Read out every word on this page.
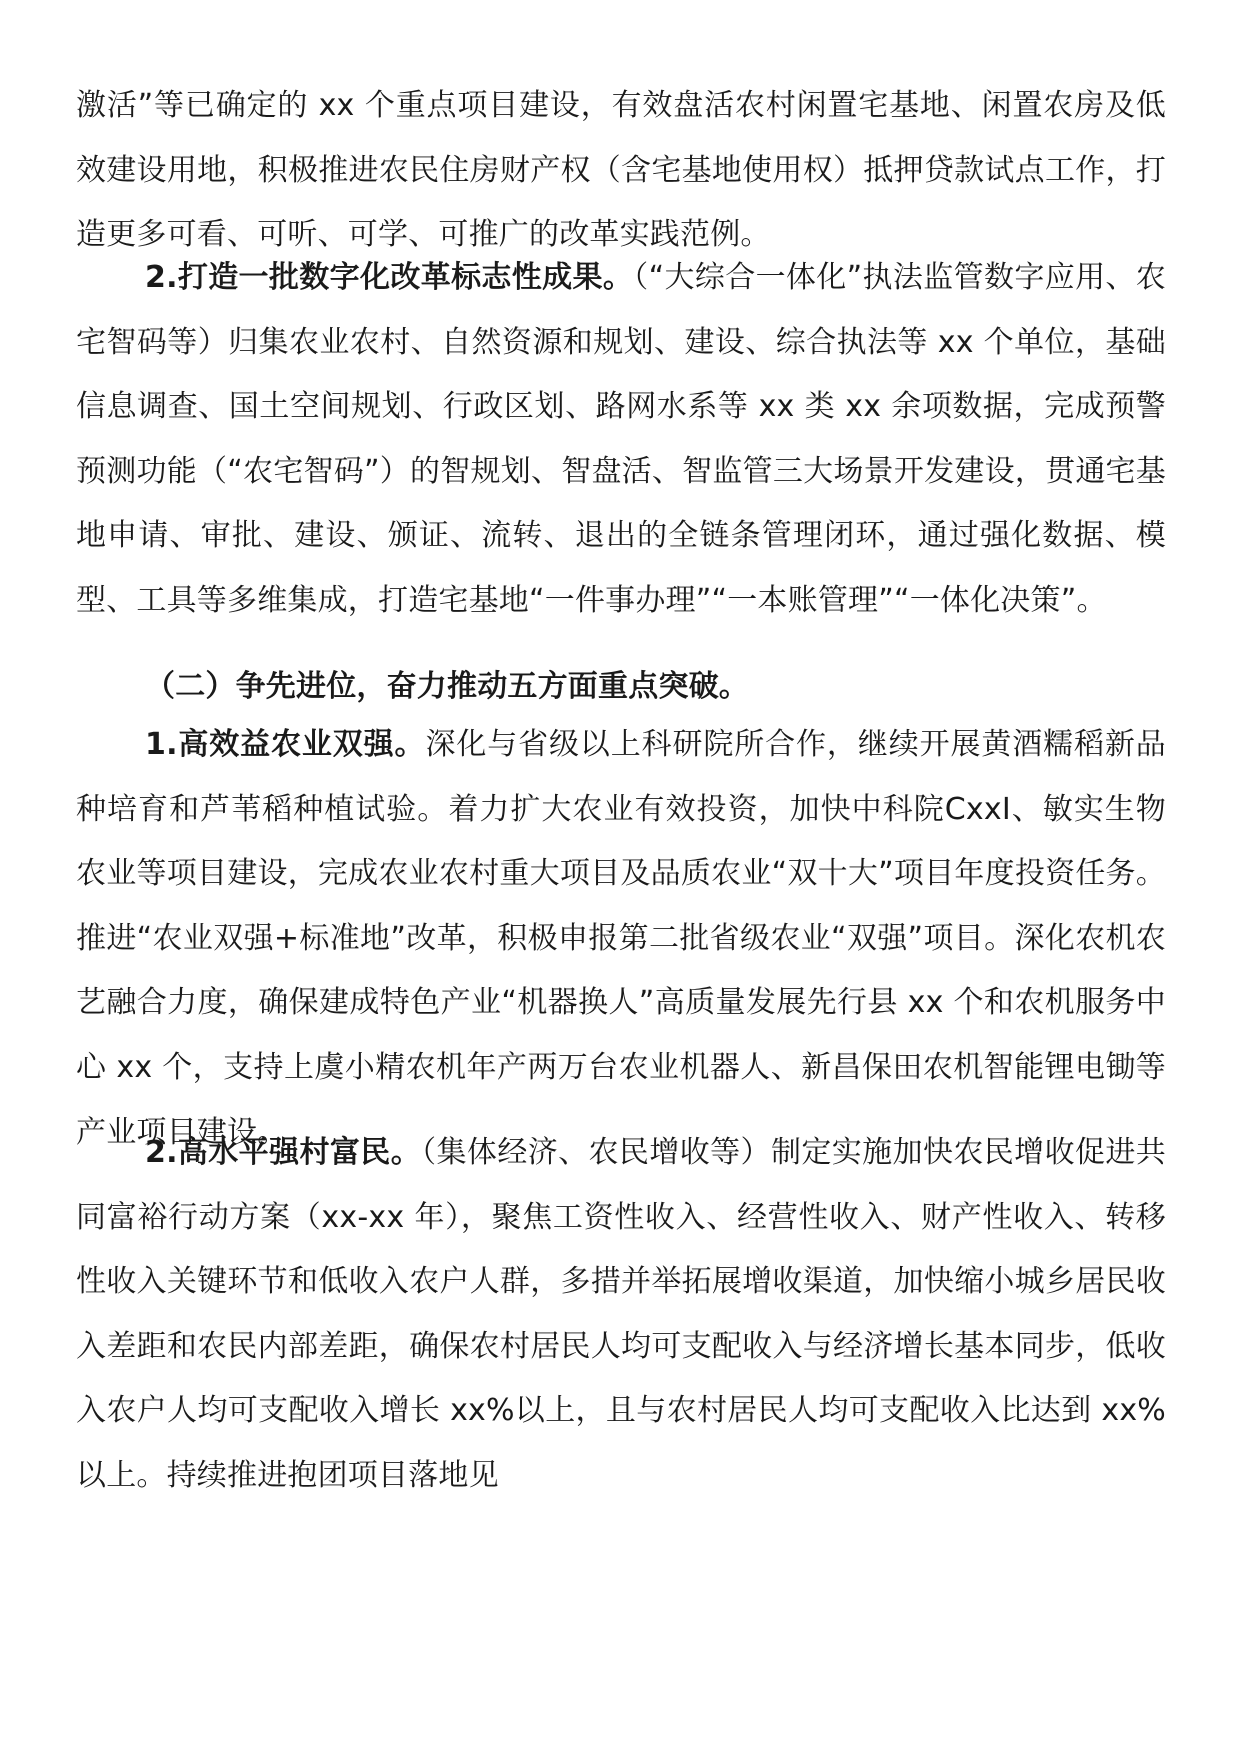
激活”等已确定的 xx 个重点项目建设，有效盘活农村闲置宅基地、闲置农房及低效建设用地，积极推进农民住房财产权（含宅基地使用权）抵押贷款试点工作，打造更多可看、可听、可学、可推广的改革实践范例。

2.打造一批数字化改革标志性成果。（“大综合一体化”执法监管数字应用、农宅智码等）归集农业农村、自然资源和规划、建设、综合执法等 xx 个单位，基础信息调查、国土空间规划、行政区划、路网水系等 xx 类 xx 余项数据，完成预警预测功能（“农宅智码”）的智规划、智盘活、智监管三大场景开发建设，贯通宅基地申请、审批、建设、颁证、流转、退出的全链条管理闭环，通过强化数据、模型、工具等多维集成，打造宅基地“一件事办理”“一本账管理”“一体化决策”。

（二）争先进位，奋力推动五方面重点突破。

1.高效益农业双强。深化与省级以上科研院所合作，继续开展黄酒糯稻新品种培育和芦苇稻种植试验。着力扩大农业有效投资，加快中科院CxxI、敏实生物农业等项目建设，完成农业农村重大项目及品质农业“双十大”项目年度投资任务。推进“农业双强+标准地”改革，积极申报第二批省级农业“双强”项目。深化农机农艺融合力度，确保建成特色产业“机器换人”高质量发展先行县 xx 个和农机服务中心 xx 个，支持上虞小精农机年产两万台农业机器人、新昌保田农机智能锂电锄等产业项目建设。

2.高水平强村富民。（集体经济、农民增收等）制定实施加快农民增收促进共同富裕行动方案（xx-xx 年），聚焦工资性收入、经营性收入、财产性收入、转移性收入关键环节和低收入农户人群，多措并举拓展增收渠道，加快缩小城乡居民收入差距和农民内部差距，确保农村居民人均可支配收入与经济增长基本同步，低收入农户人均可支配收入增长 xx%以上，且与农村居民人均可支配收入比达到 xx%以上。持续推进抱团项目落地见
